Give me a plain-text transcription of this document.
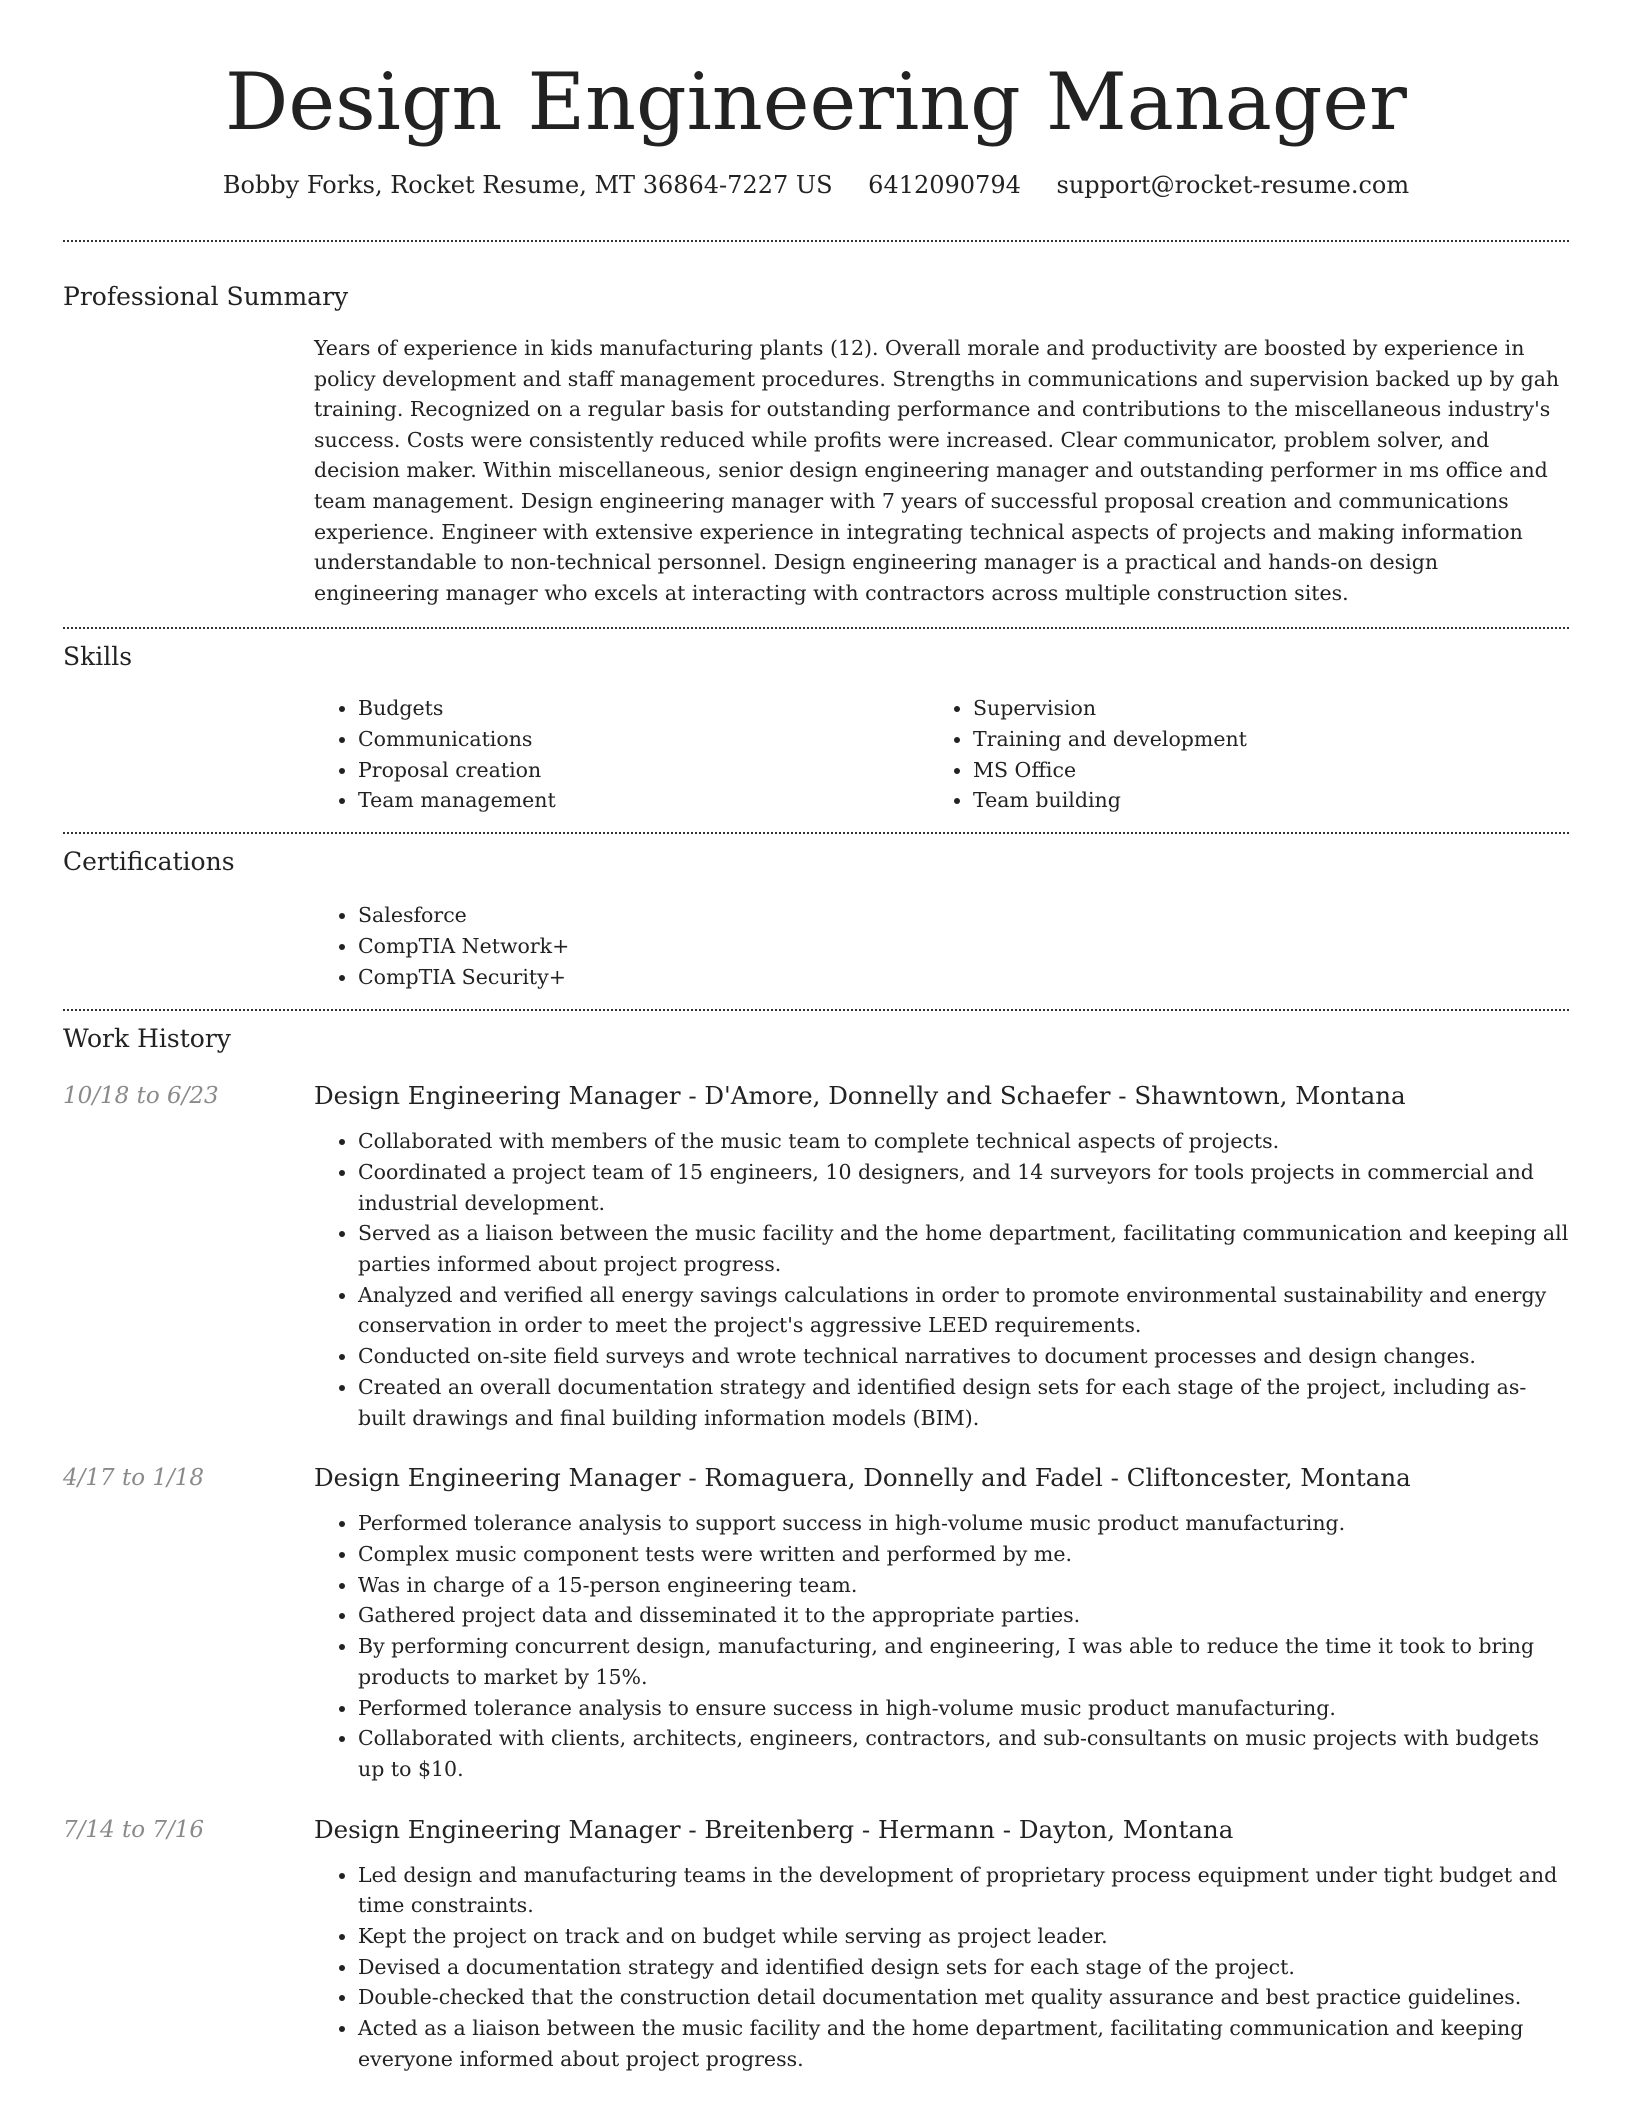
Design Engineering Manager
Bobby Forks, Rocket Resume, MT 36864-7227 US 6412090794 support@rocket-resume.com
Professional Summary

Years of experience in kids manufacturing plants (12). Overall morale and productivity are boosted by experience in policy development and staff management procedures. Strengths in communications and supervision backed up by gah training. Recognized on a regular basis for outstanding performance and contributions to the miscellaneous industry's success. Costs were consistently reduced while profits were increased. Clear communicator, problem solver, and decision maker. Within miscellaneous, senior design engineering manager and outstanding performer in ms office and team management. Design engineering manager with 7 years of successful proposal creation and communications experience. Engineer with extensive experience in integrating technical aspects of projects and making information understandable to non-technical personnel. Design engineering manager is a practical and hands-on design engineering manager who excels at interacting with contractors across multiple construction sites.

Skills
• Budgets
• Communications
• Proposal creation
• Team management
• Supervision
• Training and development
• MS Office
• Team building
Certifications
• Salesforce
• CompTIA Network+
• CompTIA Security+
Work History
10/18 to 6/23	Design Engineering Manager - D'Amore, Donnelly and Schaefer - Shawntown, Montana
• Collaborated with members of the music team to complete technical aspects of projects.
• Coordinated a project team of 15 engineers, 10 designers, and 14 surveyors for tools projects in commercial and industrial development.
• Served as a liaison between the music facility and the home department, facilitating communication and keeping all parties informed about project progress.
• Analyzed and verified all energy savings calculations in order to promote environmental sustainability and energy conservation in order to meet the project's aggressive LEED requirements.
• Conducted on-site field surveys and wrote technical narratives to document processes and design changes.
• Created an overall documentation strategy and identified design sets for each stage of the project, including as-built drawings and final building information models (BIM).
4/17 to 1/18	Design Engineering Manager - Romaguera, Donnelly and Fadel - Cliftoncester, Montana
• Performed tolerance analysis to support success in high-volume music product manufacturing.
• Complex music component tests were written and performed by me.
• Was in charge of a 15-person engineering team.
• Gathered project data and disseminated it to the appropriate parties.
• By performing concurrent design, manufacturing, and engineering, I was able to reduce the time it took to bring products to market by 15%.
• Performed tolerance analysis to ensure success in high-volume music product manufacturing.
• Collaborated with clients, architects, engineers, contractors, and sub-consultants on music projects with budgets up to $10.
7/14 to 7/16	Design Engineering Manager - Breitenberg - Hermann - Dayton, Montana
• Led design and manufacturing teams in the development of proprietary process equipment under tight budget and time constraints.
• Kept the project on track and on budget while serving as project leader.
• Devised a documentation strategy and identified design sets for each stage of the project.
• Double-checked that the construction detail documentation met quality assurance and best practice guidelines.
• Acted as a liaison between the music facility and the home department, facilitating communication and keeping everyone informed about project progress.
